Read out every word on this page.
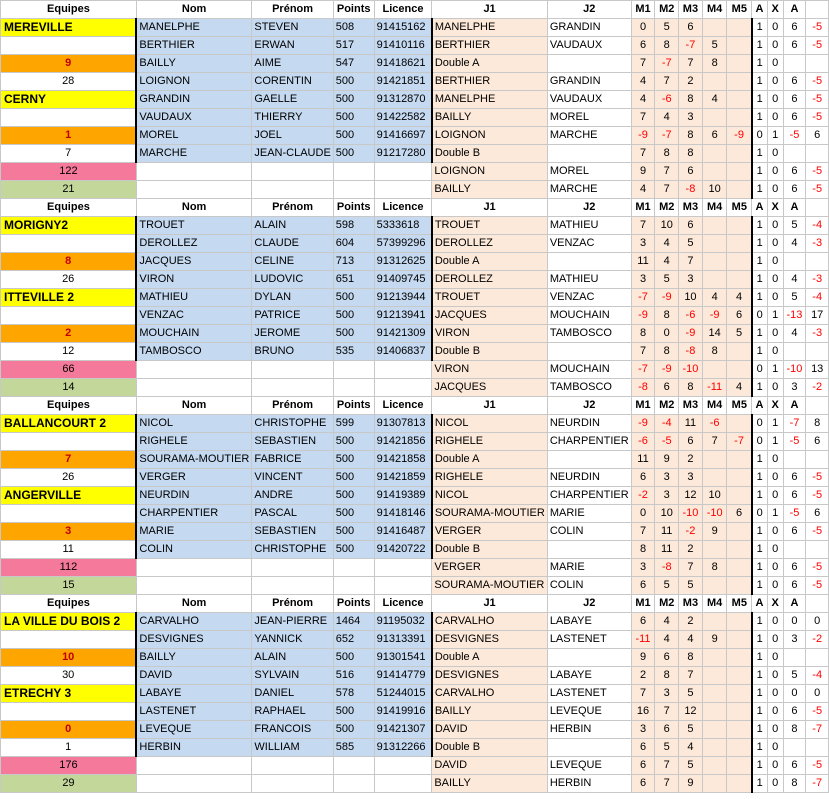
Equipes	Nom	Prénom	Points	Licence	J1	J2	M1	M2	M3	M4	M5	A	X	A	
MEREVILLE	MANELPHE	STEVEN	508	91415162	MANELPHE	GRANDIN	0	5	6			1	0	6	-5
	BERTHIER	ERWAN	517	91410116	BERTHIER	VAUDAUX	6	8	-7	5		1	0	6	-5
9	BAILLY	AIME	547	91418621	Double A		7	-7	7	8		1	0		
28	LOIGNON	CORENTIN	500	91421851	BERTHIER	GRANDIN	4	7	2			1	0	6	-5
CERNY	GRANDIN	GAELLE	500	91312870	MANELPHE	VAUDAUX	4	-6	8	4		1	0	6	-5
	VAUDAUX	THIERRY	500	91422582	BAILLY	MOREL	7	4	3			1	0	6	-5
1	MOREL	JOEL	500	91416697	LOIGNON	MARCHE	-9	-7	8	6	-9	0	1	-5	6
7	MARCHE	JEAN-CLAUDE	500	91217280	Double B		7	8	8			1	0		
122					LOIGNON	MOREL	9	7	6			1	0	6	-5
21					BAILLY	MARCHE	4	7	-8	10		1	0	6	-5
Equipes	Nom	Prénom	Points	Licence	J1	J2	M1	M2	M3	M4	M5	A	X	A	
MORIGNY2	TROUET	ALAIN	598	5333618	TROUET	MATHIEU	7	10	6			1	0	5	-4
	DEROLLEZ	CLAUDE	604	57399296	DEROLLEZ	VENZAC	3	4	5			1	0	4	-3
8	JACQUES	CELINE	713	91312625	Double A		11	4	7			1	0		
26	VIRON	LUDOVIC	651	91409745	DEROLLEZ	MATHIEU	3	5	3			1	0	4	-3
ITTEVILLE 2	MATHIEU	DYLAN	500	91213944	TROUET	VENZAC	-7	-9	10	4	4	1	0	5	-4
	VENZAC	PATRICE	500	91213941	JACQUES	MOUCHAIN	-9	8	-6	-9	6	0	1	-13	17
2	MOUCHAIN	JEROME	500	91421309	VIRON	TAMBOSCO	8	0	-9	14	5	1	0	4	-3
12	TAMBOSCO	BRUNO	535	91406837	Double B		7	8	-8	8		1	0		
66					VIRON	MOUCHAIN	-7	-9	-10			0	1	-10	13
14					JACQUES	TAMBOSCO	-8	6	8	-11	4	1	0	3	-2
Equipes	Nom	Prénom	Points	Licence	J1	J2	M1	M2	M3	M4	M5	A	X	A	
BALLANCOURT 2	NICOL	CHRISTOPHE	599	91307813	NICOL	NEURDIN	-9	-4	11	-6		0	1	-7	8
	RIGHELE	SEBASTIEN	500	91421856	RIGHELE	CHARPENTIER	-6	-5	6	7	-7	0	1	-5	6
7	SOURAMA-MOUTIER	FABRICE	500	91421858	Double A		11	9	2			1	0		
26	VERGER	VINCENT	500	91421859	RIGHELE	NEURDIN	6	3	3			1	0	6	-5
ANGERVILLE	NEURDIN	ANDRE	500	91419389	NICOL	CHARPENTIER	-2	3	12	10		1	0	6	-5
	CHARPENTIER	PASCAL	500	91418146	SOURAMA-MOUTIER	MARIE	0	10	-10	-10	6	0	1	-5	6
3	MARIE	SEBASTIEN	500	91416487	VERGER	COLIN	7	11	-2	9		1	0	6	-5
11	COLIN	CHRISTOPHE	500	91420722	Double B		8	11	2			1	0		
112					VERGER	MARIE	3	-8	7	8		1	0	6	-5
15					SOURAMA-MOUTIER	COLIN	6	5	5			1	0	6	-5
Equipes	Nom	Prénom	Points	Licence	J1	J2	M1	M2	M3	M4	M5	A	X	A	
LA VILLE DU BOIS 2	CARVALHO	JEAN-PIERRE	1464	91195032	CARVALHO	LABAYE	6	4	2			1	0	0	0
	DESVIGNES	YANNICK	652	91313391	DESVIGNES	LASTENET	-11	4	4	9		1	0	3	-2
10	BAILLY	ALAIN	500	91301541	Double A		9	6	8			1	0		
30	DAVID	SYLVAIN	516	91414779	DESVIGNES	LABAYE	2	8	7			1	0	5	-4
ETRECHY 3	LABAYE	DANIEL	578	51244015	CARVALHO	LASTENET	7	3	5			1	0	0	0
	LASTENET	RAPHAEL	500	91419916	BAILLY	LEVEQUE	16	7	12			1	0	6	-5
0	LEVEQUE	FRANCOIS	500	91421307	DAVID	HERBIN	3	6	5			1	0	8	-7
1	HERBIN	WILLIAM	585	91312266	Double B		6	5	4			1	0		
176					DAVID	LEVEQUE	6	7	5			1	0	6	-5
29					BAILLY	HERBIN	6	7	9			1	0	8	-7
